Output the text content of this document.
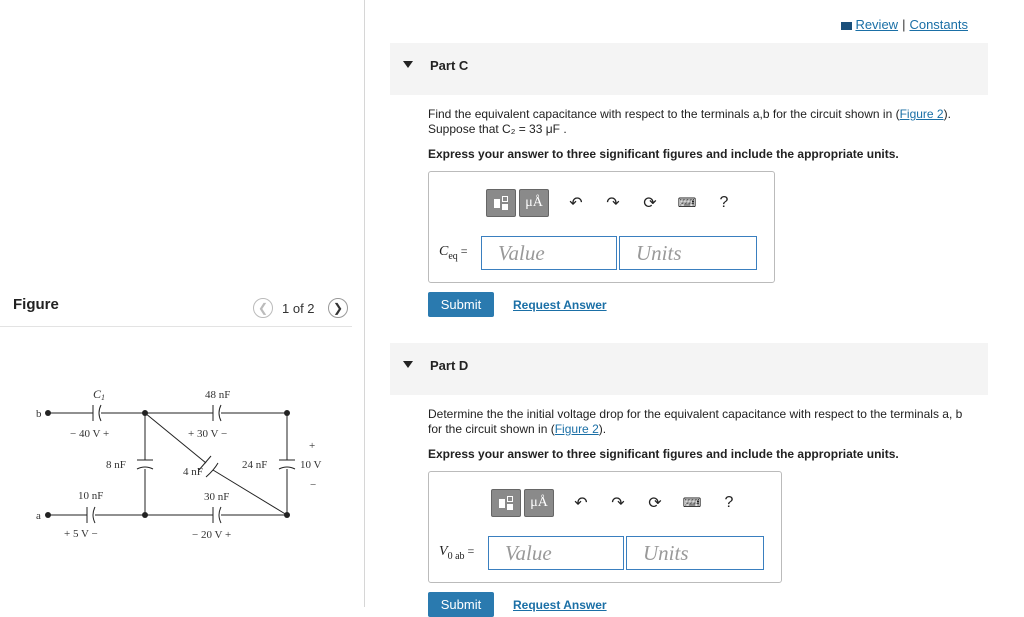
Figure	❮ 1 of 2 ❯
b
a
C1
− 40 V +
48 nF
+ 30 V −
8 nF
4 nF
24 nF	10 V
+
−
10 nF
+ 5 V −
30 nF
− 20 V +
Review | Constants
Part C
Find the equivalent capacitance with respect to the terminals a,b for the circuit shown in (Figure 2).
Suppose that C₂ = 33 μF .
Express your answer to three significant figures and include the appropriate units.
μÅ ↶ ↷ ⟳ ⌨	?
$C_{eq}$ =	Value	Units
Submit	Request Answer
Part D
Determine the the initial voltage drop for the equivalent capacitance with respect to the terminals a, b
for the circuit shown in (Figure 2).
Express your answer to three significant figures and include the appropriate units.
μÅ ↶ ↷ ⟳ ⌨	?
$V_{0 ab}$ =	Value	Units
Submit	Request Answer
